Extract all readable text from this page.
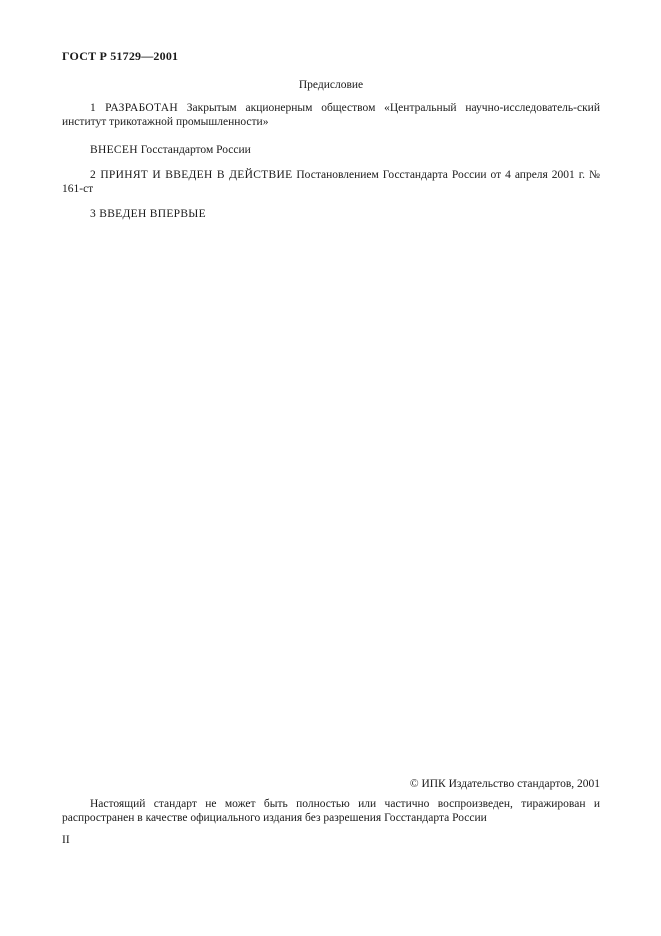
ГОСТ Р 51729—2001
Предисловие
1 РАЗРАБОТАН Закрытым акционерным обществом «Центральный научно-исследователь-ский институт трикотажной промышленности»
ВНЕСЕН Госстандартом России
2 ПРИНЯТ И ВВЕДЕН В ДЕЙСТВИЕ Постановлением Госстандарта России от 4 апреля 2001 г. № 161-ст
3 ВВЕДЕН ВПЕРВЫЕ
© ИПК Издательство стандартов, 2001
Настоящий стандарт не может быть полностью или частично воспроизведен, тиражирован и распространен в качестве официального издания без разрешения Госстандарта России
II
